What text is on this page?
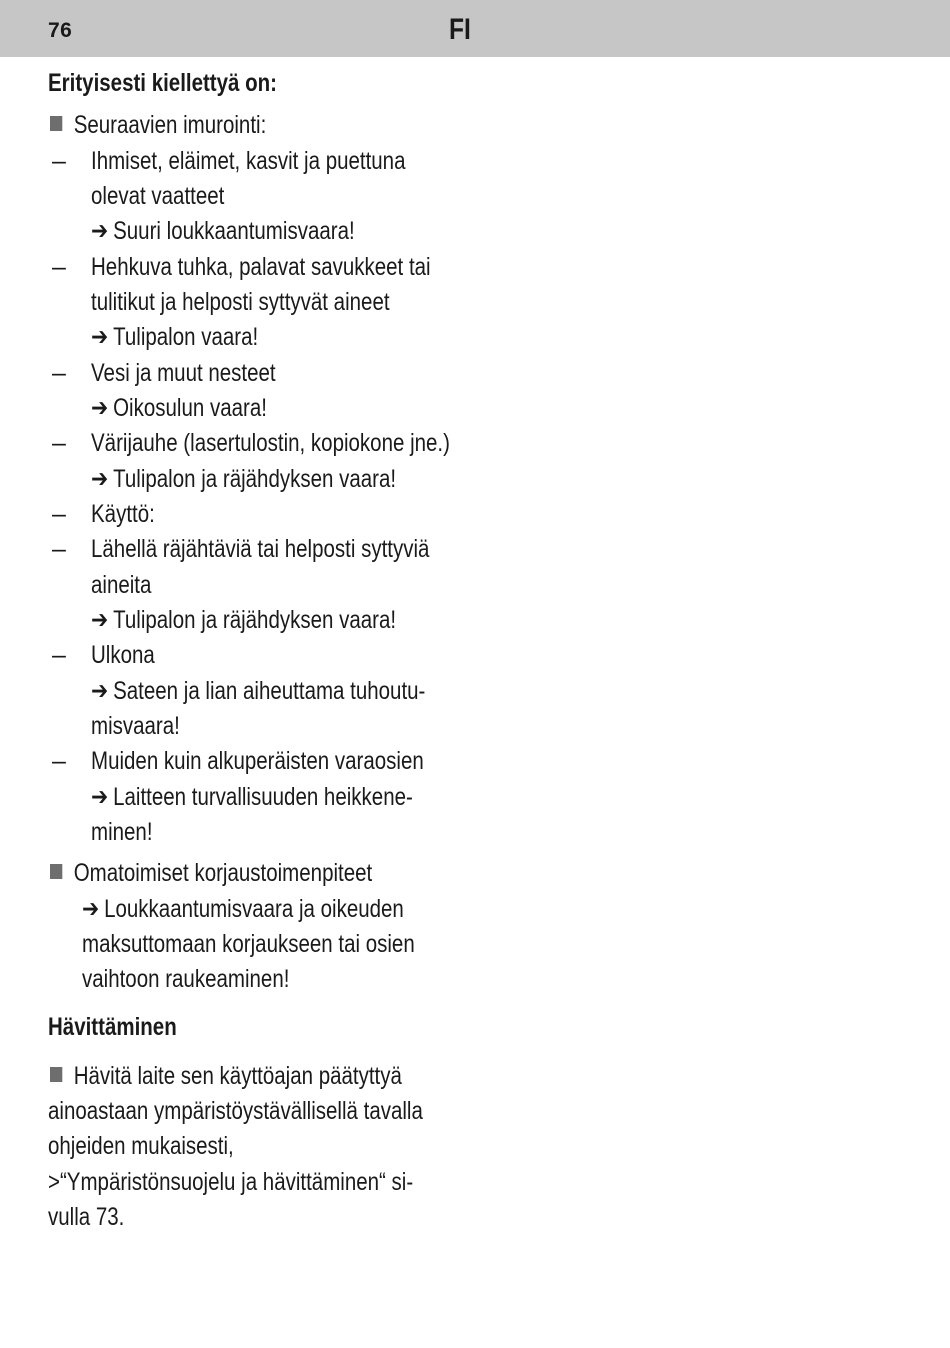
76	FI
Erityisesti kiellettyä on:
Seuraavien imurointi:
– Ihmiset, eläimet, kasvit ja puettuna
olevat vaatteet
➔ Suuri loukkaantumisvaara!
– Hehkuva tuhka, palavat savukkeet tai
tulitikut ja helposti syttyvät aineet
➔ Tulipalon vaara!
– Vesi ja muut nesteet
➔ Oikosulun vaara!
– Värijauhe (lasertulostin, kopiokone jne.)
➔ Tulipalon ja räjähdyksen vaara!
– Käyttö:
– Lähellä räjähtäviä tai helposti syttyviä
aineita
➔ Tulipalon ja räjähdyksen vaara!
– Ulkona
➔ Sateen ja lian aiheuttama tuhoutu-
misvaara!
– Muiden kuin alkuperäisten varaosien
➔ Laitteen turvallisuuden heikkene-
minen!
Omatoimiset korjaustoimenpiteet
➔ Loukkaantumisvaara ja oikeuden
maksuttomaan korjaukseen tai osien
vaihtoon raukeaminen!
Hävittäminen
Hävitä laite sen käyttöajan päätyttyä
ainoastaan ympäristöystävällisellä tavalla
ohjeiden mukaisesti,
>“Ympäristönsuojelu ja hävittäminen“ si-
vulla 73.
